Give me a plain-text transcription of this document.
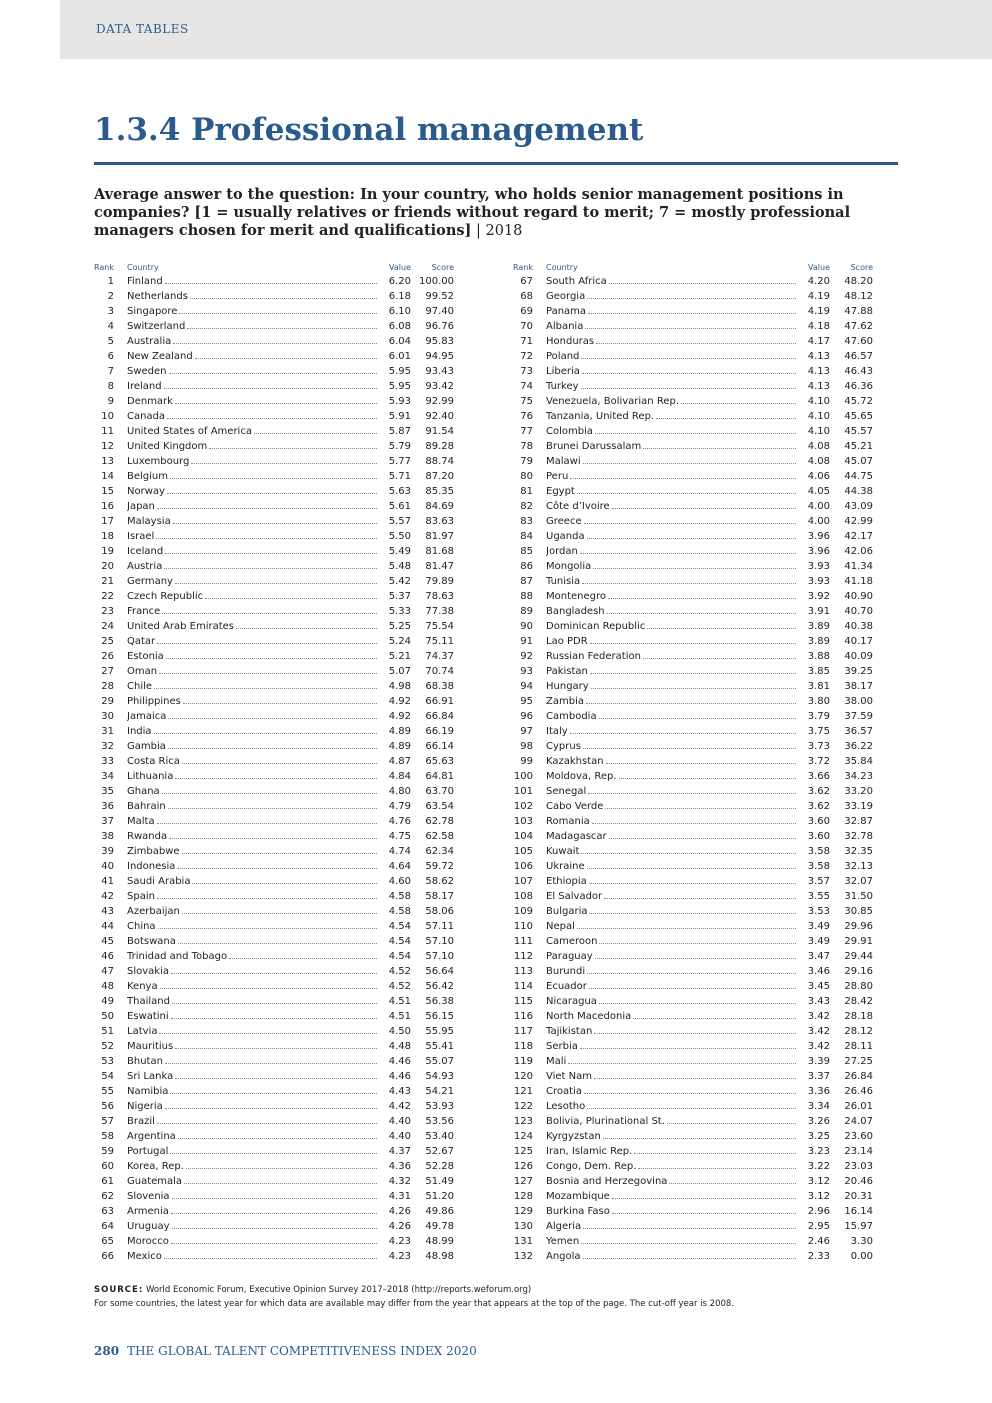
DATA TABLES
1.3.4 Professional management

Average answer to the question: In your country, who holds senior management positions in companies? [1 = usually relatives or friends without regard to merit; 7 = mostly professional managers chosen for merit and qualifications] | 2018

Rank Country	Value	Score
1 Finland	6.20 100.00
2 Netherlands	6.18	99.52
3 Singapore	6.10	97.40
4 Switzerland	6.08	96.76
5 Australia	6.04	95.83
6 New Zealand	6.01	94.95
7 Sweden	5.95	93.43
8 Ireland	5.95	93.42
9 Denmark	5.93	92.99
10 Canada	5.91	92.40
11 United States of America	5.87	91.54
12 United Kingdom	5.79	89.28
13 Luxembourg	5.77	88.74
14 Belgium	5.71	87.20
15 Norway	5.63	85.35
16 Japan	5.61	84.69
17 Malaysia	5.57	83.63
18 Israel	5.50	81.97
19 Iceland	5.49	81.68
20 Austria	5.48	81.47
21 Germany	5.42	79.89
22 Czech Republic	5.37	78.63
23 France	5.33	77.38
24 United Arab Emirates	5.25	75.54
25 Qatar	5.24	75.11
26 Estonia	5.21	74.37
27 Oman	5.07	70.74
28 Chile	4.98	68.38
29 Philippines	4.92	66.91
30 Jamaica	4.92	66.84
31 India	4.89	66.19
32 Gambia	4.89	66.14
33 Costa Rica	4.87	65.63
34 Lithuania	4.84	64.81
35 Ghana	4.80	63.70
36 Bahrain	4.79	63.54
37 Malta	4.76	62.78
38 Rwanda	4.75	62.58
39 Zimbabwe	4.74	62.34
40 Indonesia	4.64	59.72
41 Saudi Arabia	4.60	58.62
42 Spain	4.58	58.17
43 Azerbaijan	4.58	58.06
44 China	4.54	57.11
45 Botswana	4.54	57.10
46 Trinidad and Tobago	4.54	57.10
47 Slovakia	4.52	56.64
48 Kenya	4.52	56.42
49 Thailand	4.51	56.38
50 Eswatini	4.51	56.15
51 Latvia	4.50	55.95
52 Mauritius	4.48	55.41
53 Bhutan	4.46	55.07
54 Sri Lanka	4.46	54.93
55 Namibia	4.43	54.21
56 Nigeria	4.42	53.93
57 Brazil	4.40	53.56
58 Argentina	4.40	53.40
59 Portugal	4.37	52.67
60 Korea, Rep.	4.36	52.28
61 Guatemala	4.32	51.49
62 Slovenia	4.31	51.20
63 Armenia	4.26	49.86
64 Uruguay	4.26	49.78
65 Morocco	4.23	48.99
66 Mexico	4.23	48.98
Rank Country	Value	Score
67 South Africa	4.20	48.20
68 Georgia	4.19	48.12
69 Panama	4.19	47.88
70 Albania	4.18	47.62
71 Honduras	4.17	47.60
72 Poland	4.13	46.57
73 Liberia	4.13	46.43
74 Turkey	4.13	46.36
75 Venezuela, Bolivarian Rep.	4.10	45.72
76 Tanzania, United Rep.	4.10	45.65
77 Colombia	4.10	45.57
78 Brunei Darussalam	4.08	45.21
79 Malawi	4.08	45.07
80 Peru	4.06	44.75
81 Egypt	4.05	44.38
82 Côte d’Ivoire	4.00	43.09
83 Greece	4.00	42.99
84 Uganda	3.96	42.17
85 Jordan	3.96	42.06
86 Mongolia	3.93	41.34
87 Tunisia	3.93	41.18
88 Montenegro	3.92	40.90
89 Bangladesh	3.91	40.70
90 Dominican Republic	3.89	40.38
91 Lao PDR	3.89	40.17
92 Russian Federation	3.88	40.09
93 Pakistan	3.85	39.25
94 Hungary	3.81	38.17
95 Zambia	3.80	38.00
96 Cambodia	3.79	37.59
97 Italy	3.75	36.57
98 Cyprus	3.73	36.22
99 Kazakhstan	3.72	35.84
100 Moldova, Rep.	3.66	34.23
101 Senegal	3.62	33.20
102 Cabo Verde	3.62	33.19
103 Romania	3.60	32.87
104 Madagascar	3.60	32.78
105 Kuwait	3.58	32.35
106 Ukraine	3.58	32.13
107 Ethiopia	3.57	32.07
108 El Salvador	3.55	31.50
109 Bulgaria	3.53	30.85
110 Nepal	3.49	29.96
111 Cameroon	3.49	29.91
112 Paraguay	3.47	29.44
113 Burundi	3.46	29.16
114 Ecuador	3.45	28.80
115 Nicaragua	3.43	28.42
116 North Macedonia	3.42	28.18
117 Tajikistan	3.42	28.12
118 Serbia	3.42	28.11
119 Mali	3.39	27.25
120 Viet Nam	3.37	26.84
121 Croatia	3.36	26.46
122 Lesotho	3.34	26.01
123 Bolivia, Plurinational St.	3.26	24.07
124 Kyrgyzstan	3.25	23.60
125 Iran, Islamic Rep.	3.23	23.14
126 Congo, Dem. Rep.	3.22	23.03
127 Bosnia and Herzegovina	3.12	20.46
128 Mozambique	3.12	20.31
129 Burkina Faso	2.96	16.14
130 Algeria	2.95	15.97
131 Yemen	2.46	3.30
132 Angola	2.33	0.00
SOURCE: World Economic Forum, Executive Opinion Survey 2017–2018 (http://reports.weforum.org)
For some countries, the latest year for which data are available may differ from the year that appears at the top of the page. The cut-off year is 2008.
280 THE GLOBAL TALENT COMPETITIVENESS INDEX 2020
